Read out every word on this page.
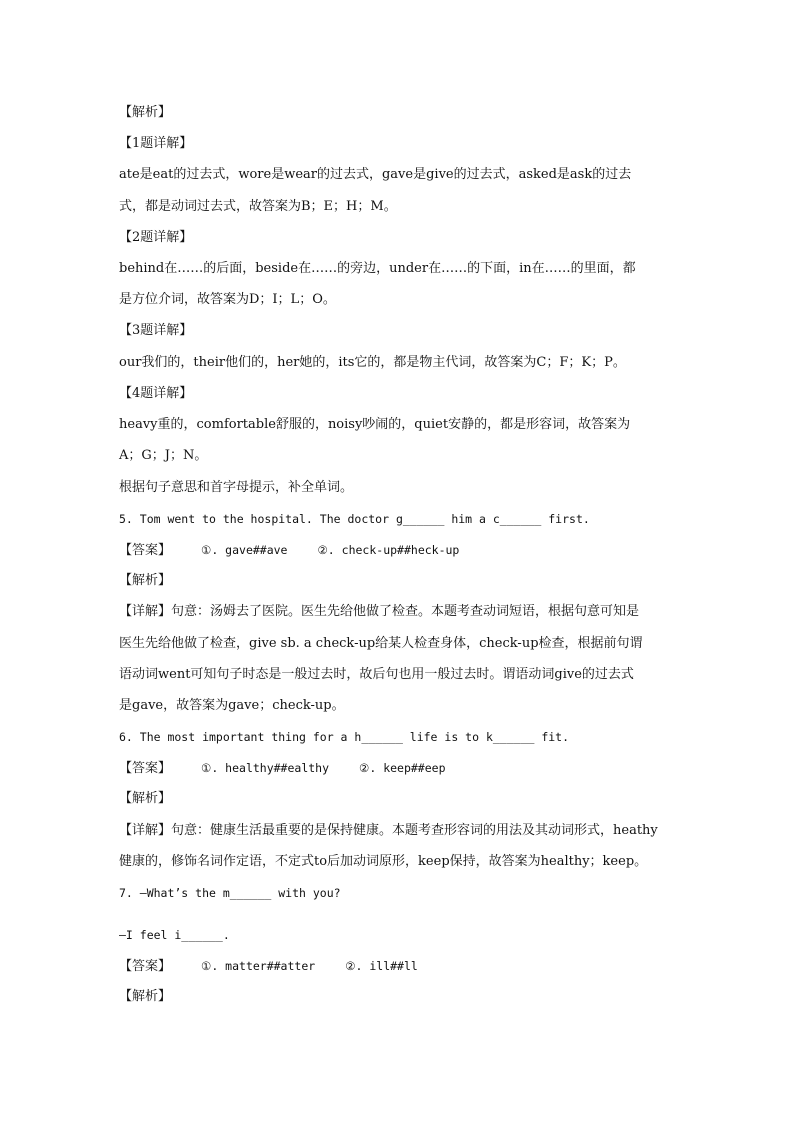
【解析】
【1题详解】
ate是eat的过去式，wore是wear的过去式，gave是give的过去式，asked是ask的过去
式，都是动词过去式，故答案为B；E；H；M。
【2题详解】
behind在……的后面，beside在……的旁边，under在……的下面，in在……的里面，都
是方位介词，故答案为D；I；L；O。
【3题详解】
our我们的，their他们的，her她的，its它的，都是物主代词，故答案为C；F；K；P。
【4题详解】
heavy重的，comfortable舒服的，noisy吵闹的，quiet安静的，都是形容词，故答案为
A；G；J；N。
根据句子意思和首字母提示，补全单词。
5. Tom went to the hospital. The doctor g______ him a c______ first.
【答案】	①. gave##ave	②. check-up##heck-up
【解析】
【详解】句意：汤姆去了医院。医生先给他做了检查。本题考查动词短语，根据句意可知是
医生先给他做了检查，give sb. a check-up给某人检查身体，check-up检查，根据前句谓
语动词went可知句子时态是一般过去时，故后句也用一般过去时。谓语动词give的过去式
是gave，故答案为gave；check-up。
6. The most important thing for a h______ life is to k______ fit.
【答案】	①. healthy##ealthy	②. keep##eep
【解析】
【详解】句意：健康生活最重要的是保持健康。本题考查形容词的用法及其动词形式，heathy
健康的，修饰名词作定语，不定式to后加动词原形，keep保持，故答案为healthy；keep。
7. —What’s the m______ with you?
—I feel i______.
【答案】	①. matter##atter	②. ill##ll
【解析】
